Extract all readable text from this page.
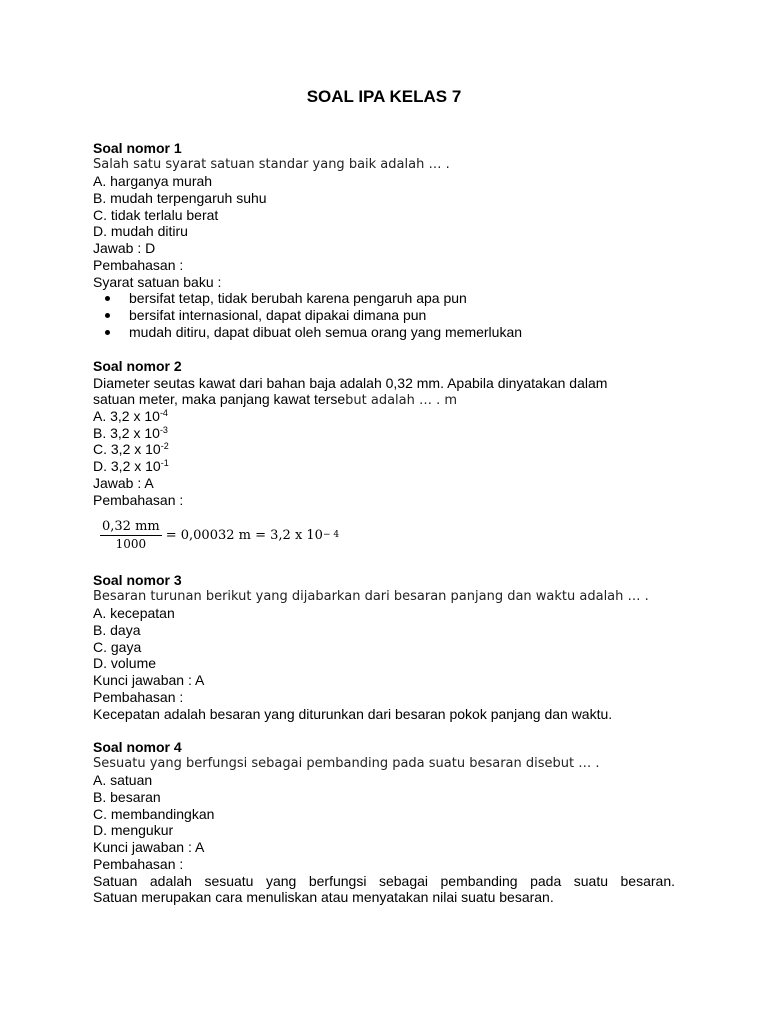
SOAL IPA KELAS 7
Soal nomor 1
Salah satu syarat satuan standar yang baik adalah … .
A. harganya murah
B. mudah terpengaruh suhu
C. tidak terlalu berat
D. mudah ditiru
Jawab : D
Pembahasan :
Syarat satuan baku :
bersifat tetap, tidak berubah karena pengaruh apa pun
bersifat internasional, dapat dipakai dimana pun
mudah ditiru, dapat dibuat oleh semua orang yang memerlukan
Soal nomor 2
Diameter seutas kawat dari bahan baja adalah 0,32 mm. Apabila dinyatakan dalam
satuan meter, maka panjang kawat tersebut adalah … . m
A. 3,2 x $10^{-4}$
B. 3,2 x $10^{-3}$
C. 3,2 x $10^{-2}$
D. 3,2 x $10^{-1}$
Jawab : A
Pembahasan :
$\frac{0,32 mm}{1000} = 0,00032$ m = 3,2 x 10 − 4
Soal nomor 3
Besaran turunan berikut yang dijabarkan dari besaran panjang dan waktu adalah … .
A. kecepatan
B. daya
C. gaya
D. volume
Kunci jawaban : A
Pembahasan :
Kecepatan adalah besaran yang diturunkan dari besaran pokok panjang dan waktu.
Soal nomor 4
Sesuatu yang berfungsi sebagai pembanding pada suatu besaran disebut … .
A. satuan
B. besaran
C. membandingkan
D. mengukur
Kunci jawaban : A
Pembahasan :
Satuan adalah sesuatu yang berfungsi sebagai pembanding pada suatu besaran.
Satuan merupakan cara menuliskan atau menyatakan nilai suatu besaran.
